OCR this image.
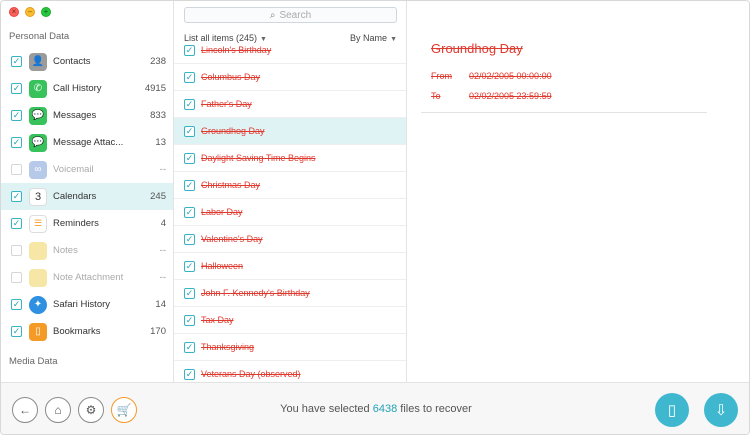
× – +
Personal Data
✓ 👤 Contacts	238
✓	✆	Call History	4915
✓ 💬 Messages	833
✓ 💬 Message Attac...	13
∞	Voicemail	--
✓	3	Calendars	245
✓	☰	Reminders	4
Notes	--
Note Attachment	--
✓	✦	Safari History	14
✓	▯	Bookmarks	170
Media Data
⌕ Search
List all items (245) ▼	By Name ▼
✓ Lincoln's Birthday
✓ Columbus Day
✓ Father's Day
✓ Groundhog Day
✓ Daylight Saving Time Begins
✓ Christmas Day
✓ Labor Day
✓ Valentine's Day
✓ Halloween
✓ John F. Kennedy's Birthday
✓ Tax Day
✓ Thanksgiving
✓ Veterans Day (observed)
Groundhog Day
From	02/02/2005 00:00:00
To	02/02/2005 23:59:59
← ⌂ ⚙ 🛒	You have selected 6438 files to recover	▯	⇩
